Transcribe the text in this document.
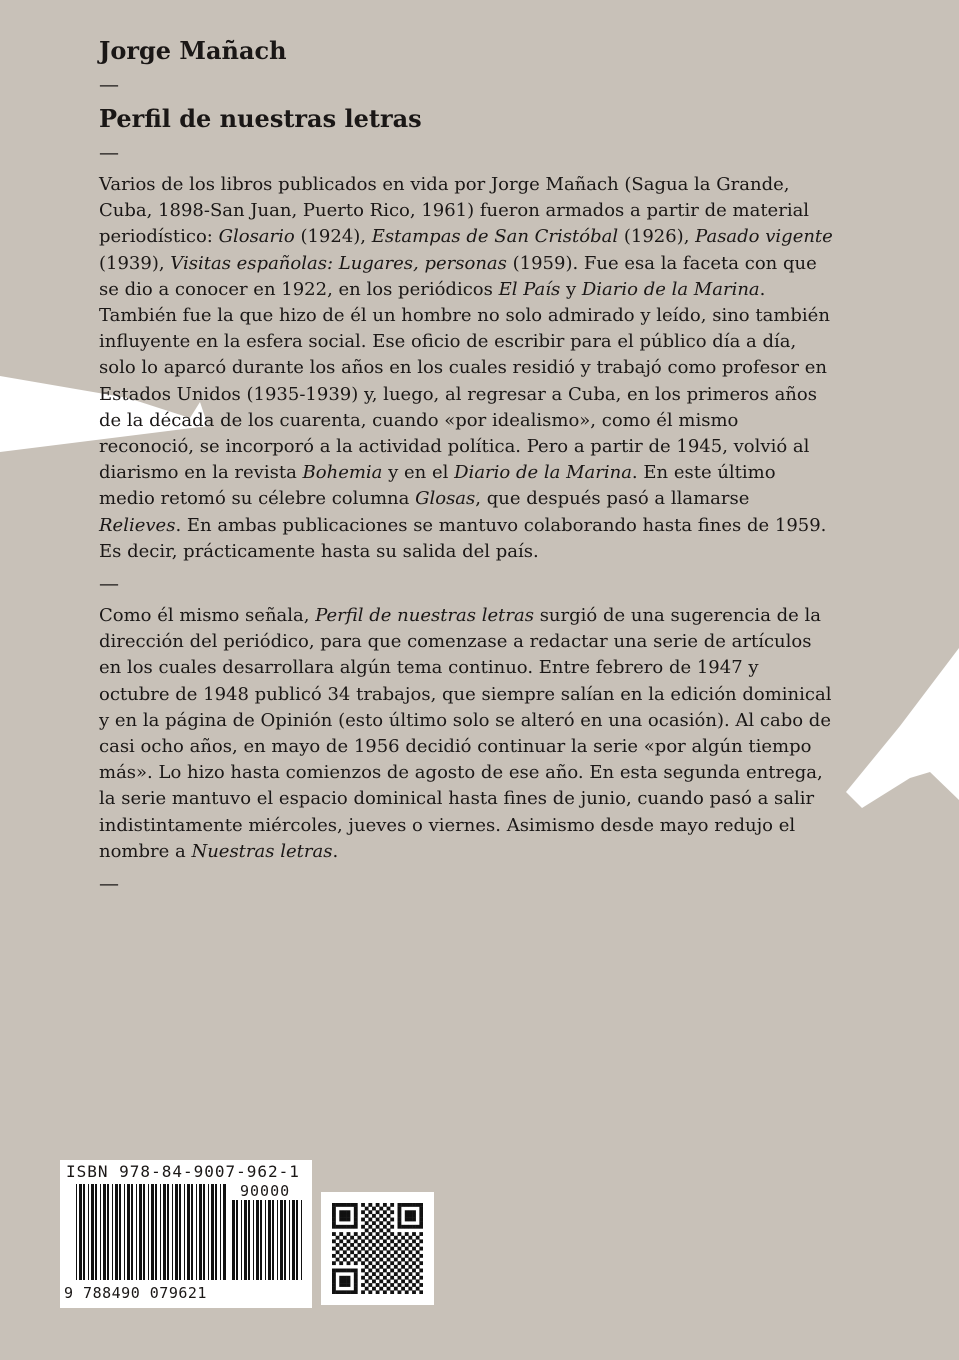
Jorge Mañach
—
Perfil de nuestras letras
—

Varios de los libros publicados en vida por Jorge Mañach (Sagua la Grande, Cuba, 1898-San Juan, Puerto Rico, 1961) fueron armados a partir de material periodístico: Glosario (1924), Estampas de San Cristóbal (1926), Pasado vigente (1939), Visitas españolas: Lugares, personas (1959). Fue esa la faceta con que se dio a conocer en 1922, en los periódicos El País y Diario de la Marina. También fue la que hizo de él un hombre no solo admirado y leído, sino también influyente en la esfera social. Ese oficio de escribir para el público día a día, solo lo aparcó durante los años en los cuales residió y trabajó como profesor en Estados Unidos (1935-1939) y, luego, al regresar a Cuba, en los primeros años de la década de los cuarenta, cuando «por idealismo», como él mismo reconoció, se incorporó a la actividad política. Pero a partir de 1945, volvió al diarismo en la revista Bohemia y en el Diario de la Marina. En este último medio retomó su célebre columna Glosas, que después pasó a llamarse Relieves. En ambas publicaciones se mantuvo colaborando hasta fines de 1959. Es decir, prácticamente hasta su salida del país.

—

Como él mismo señala, Perfil de nuestras letras surgió de una sugerencia de la dirección del periódico, para que comenzase a redactar una serie de artículos en los cuales desarrollara algún tema continuo. Entre febrero de 1947 y octubre de 1948 publicó 34 trabajos, que siempre salían en la edición dominical y en la página de Opinión (esto último solo se alteró en una ocasión). Al cabo de casi ocho años, en mayo de 1956 decidió continuar la serie «por algún tiempo más». Lo hizo hasta comienzos de agosto de ese año. En esta segunda entrega, la serie mantuvo el espacio dominical hasta fines de junio, cuando pasó a salir indistintamente miércoles, jueves o viernes. Asimismo desde mayo redujo el nombre a Nuestras letras.

—
ISBN 978-84-9007-962-1
90000
9 788490 079621
